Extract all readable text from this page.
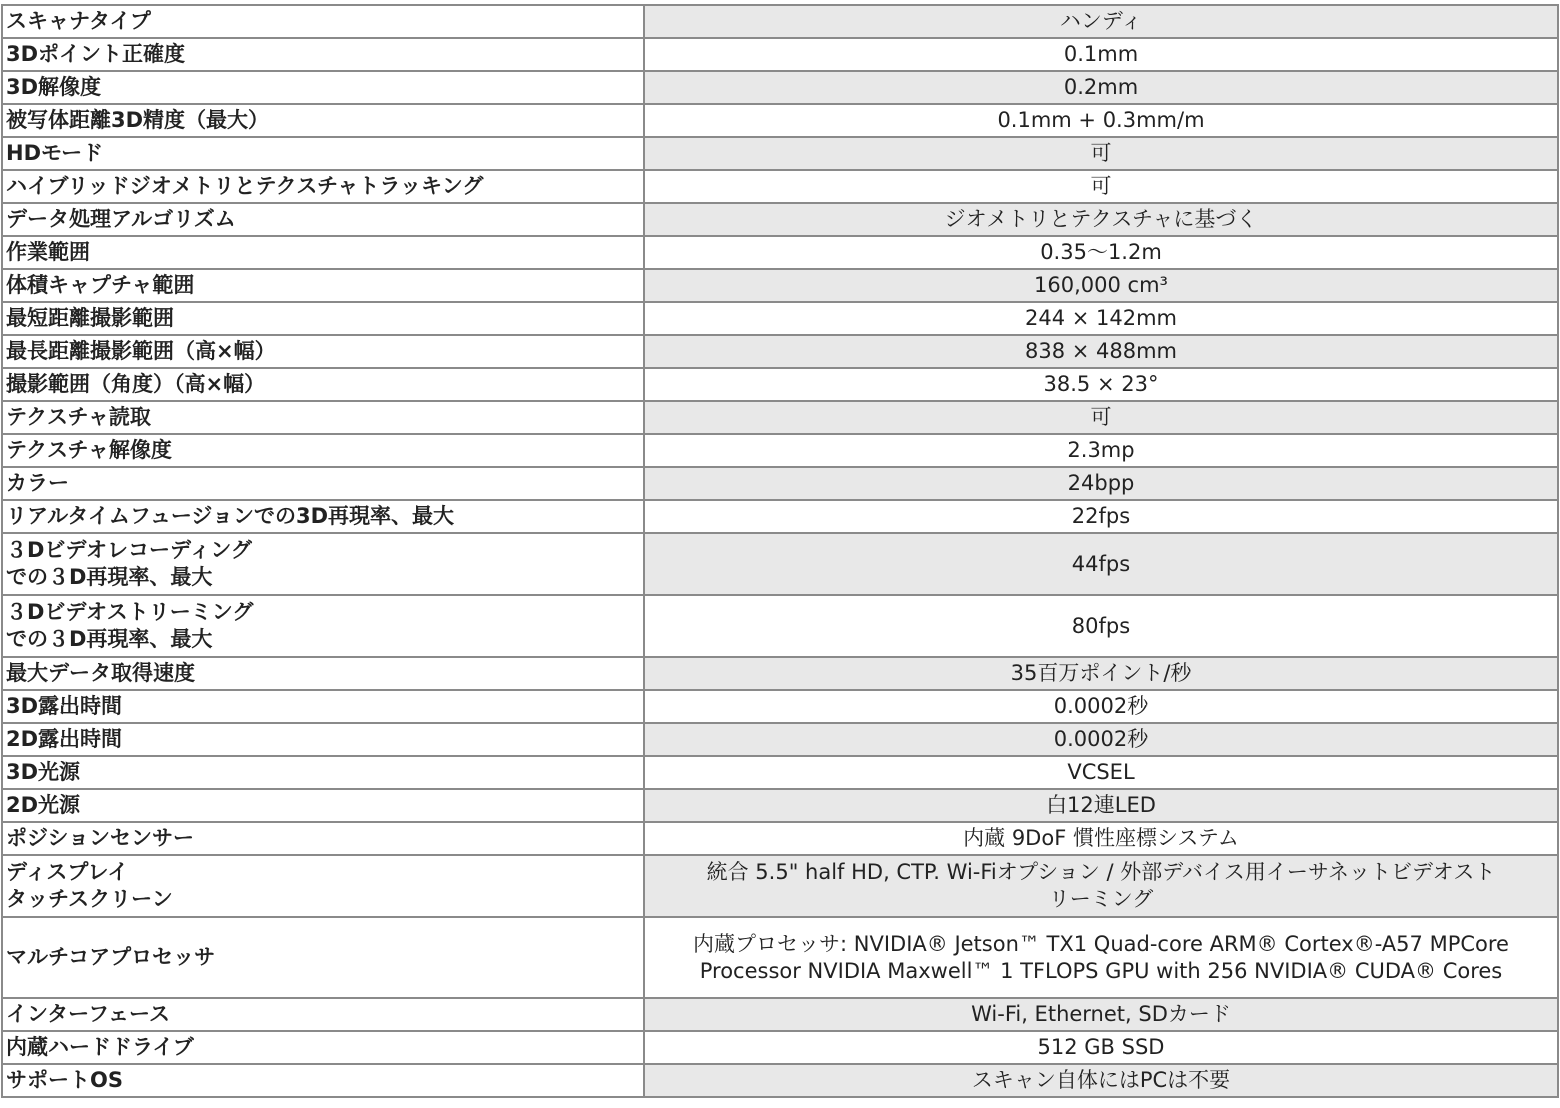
スキャナタイプ	ハンディ

3Dポイント正確度	0.1mm

3D解像度	0.2mm

被写体距離3D精度（最大）	0.1mm + 0.3mm/m

HDモード	可

ハイブリッドジオメトリとテクスチャトラッキング	可

データ処理アルゴリズム	ジオメトリとテクスチャに基づく

作業範囲	0.35～1.2m

体積キャプチャ範囲	160,000 cm³

最短距離撮影範囲	244 × 142mm

最長距離撮影範囲（高×幅）	838 × 488mm

撮影範囲（角度）（高×幅）	38.5 × 23°

テクスチャ読取	可

テクスチャ解像度	2.3mp

カラー	24bpp

リアルタイムフュージョンでの3D再現率、最大	22fps

３Dビデオレコーディング
での３D再現率、最大	44fps

３Dビデオストリーミング
での３D再現率、最大	80fps

最大データ取得速度	35百万ポイント/秒

3D露出時間	0.0002秒

2D露出時間	0.0002秒

3D光源	VCSEL

2D光源	白12連LED

ポジションセンサー	内蔵 9DoF 慣性座標システム

ディスプレイ
タッチスクリーン	統合 5.5" half HD, CTP. Wi-Fiオプション / 外部デバイス用イーサネットビデオスト
リーミング

マルチコアプロセッサ	内蔵プロセッサ: NVIDIA® Jetson™ TX1 Quad-core ARM® Cortex®-A57 MPCore
Processor NVIDIA Maxwell™ 1 TFLOPS GPU with 256 NVIDIA® CUDA® Cores

インターフェース	Wi-Fi, Ethernet, SDカード

内蔵ハードドライブ	512 GB SSD

サポートOS	スキャン自体にはPCは不要
